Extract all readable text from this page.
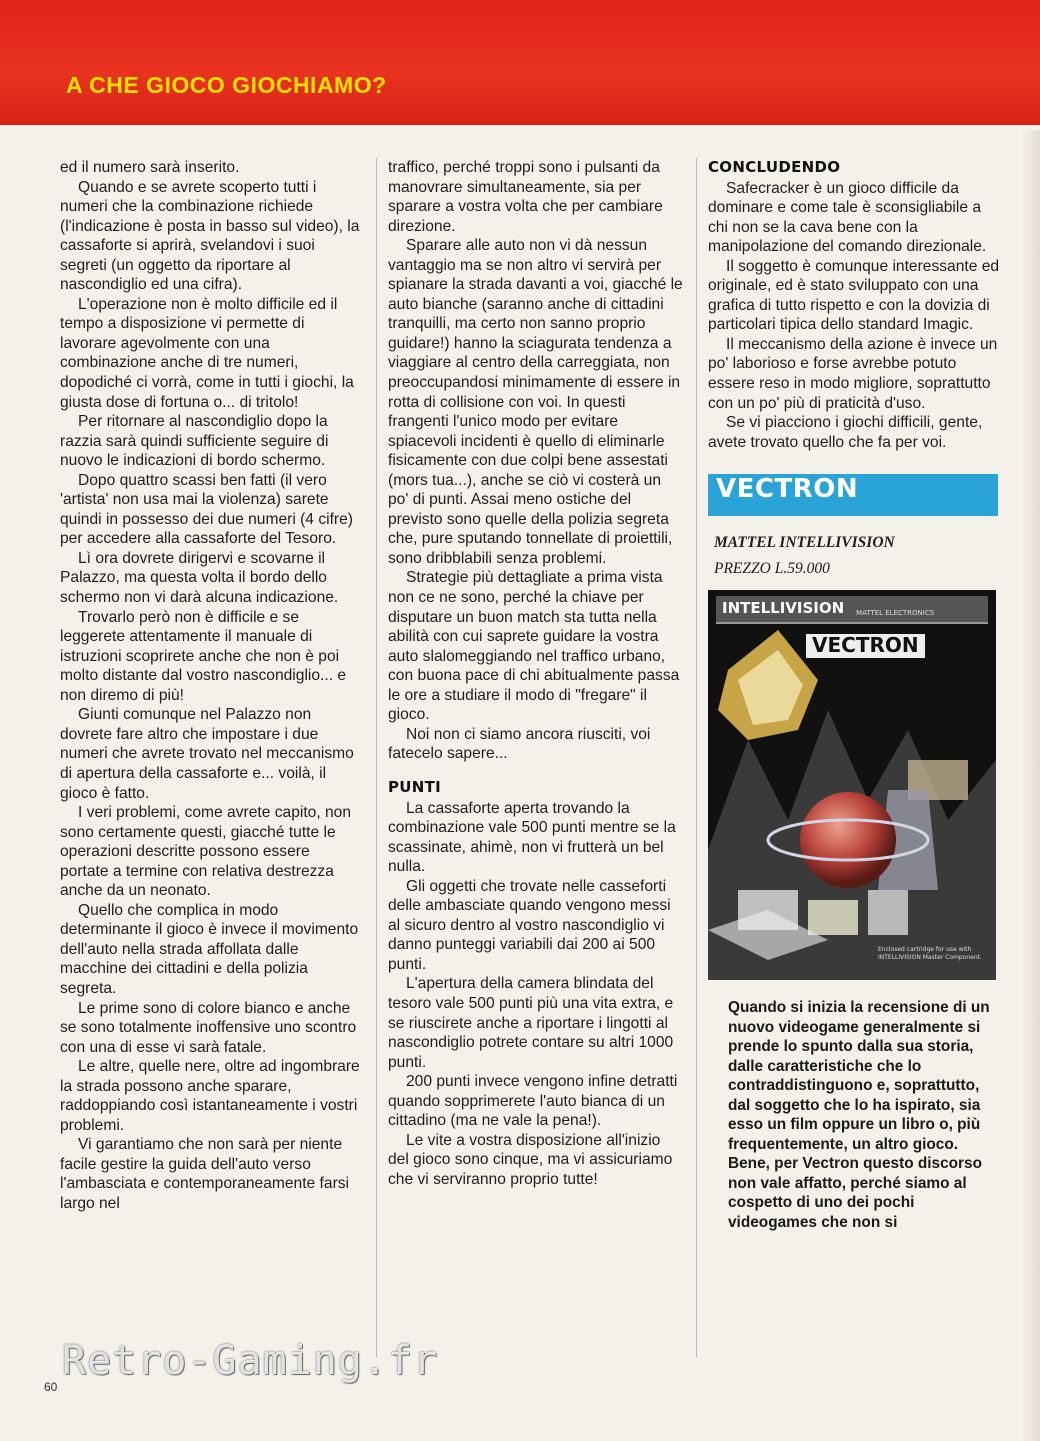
A CHE GIOCO GIOCHIAMO?

ed il numero sarà inserito.

Quando e se avrete scoperto tutti i numeri che la combinazione richiede (l'indicazione è posta in basso sul video), la cassaforte si aprirà, svelandovi i suoi segreti (un oggetto da riportare al nascondiglio ed una cifra).

L'operazione non è molto difficile ed il tempo a disposizione vi permette di lavorare agevolmente con una combinazione anche di tre numeri, dopodiché ci vorrà, come in tutti i giochi, la giusta dose di fortuna o... di tritolo!

Per ritornare al nascondiglio dopo la razzia sarà quindi sufficiente seguire di nuovo le indicazioni di bordo schermo.

Dopo quattro scassi ben fatti (il vero 'artista' non usa mai la violenza) sarete quindi in possesso dei due numeri (4 cifre) per accedere alla cassaforte del Tesoro.

Lì ora dovrete dirigervi e scovarne il Palazzo, ma questa volta il bordo dello schermo non vi darà alcuna indicazione.

Trovarlo però non è difficile e se leggerete attentamente il manuale di istruzioni scoprirete anche che non è poi molto distante dal vostro nascondiglio... e non diremo di più!

Giunti comunque nel Palazzo non dovrete fare altro che impostare i due numeri che avrete trovato nel meccanismo di apertura della cassaforte e... voilà, il gioco è fatto.

I veri problemi, come avrete capito, non sono certamente questi, giacché tutte le operazioni descritte possono essere portate a termine con relativa destrezza anche da un neonato.

Quello che complica in modo determinante il gioco è invece il movimento dell'auto nella strada affollata dalle macchine dei cittadini e della polizia segreta.

Le prime sono di colore bianco e anche se sono totalmente inoffensive uno scontro con una di esse vi sarà fatale.

Le altre, quelle nere, oltre ad ingombrare la strada possono anche sparare, raddoppiando così istantaneamente i vostri problemi.

Vi garantiamo che non sarà per niente facile gestire la guida dell'auto verso l'ambasciata e contemporaneamente farsi largo nel

traffico, perché troppi sono i pulsanti da manovrare simultaneamente, sia per sparare a vostra volta che per cambiare direzione.

Sparare alle auto non vi dà nessun vantaggio ma se non altro vi servirà per spianare la strada davanti a voi, giacché le auto bianche (saranno anche di cittadini tranquilli, ma certo non sanno proprio guidare!) hanno la sciagurata tendenza a viaggiare al centro della carreggiata, non preoccupandosi minimamente di essere in rotta di collisione con voi. In questi frangenti l'unico modo per evitare spiacevoli incidenti è quello di eliminarle fisicamente con due colpi bene assestati (mors tua...), anche se ciò vi costerà un po' di punti. Assai meno ostiche del previsto sono quelle della polizia segreta che, pure sputando tonnellate di proiettili, sono dribblabili senza problemi.

Strategie più dettagliate a prima vista non ce ne sono, perché la chiave per disputare un buon match sta tutta nella abilità con cui saprete guidare la vostra auto slalomeggiando nel traffico urbano, con buona pace di chi abitualmente passa le ore a studiare il modo di "fregare" il gioco.

Noi non ci siamo ancora riusciti, voi fatecelo sapere...

PUNTI

La cassaforte aperta trovando la combinazione vale 500 punti mentre se la scassinate, ahimè, non vi frutterà un bel nulla.

Gli oggetti che trovate nelle casseforti delle ambasciate quando vengono messi al sicuro dentro al vostro nascondiglio vi danno punteggi variabili dai 200 ai 500 punti.

L'apertura della camera blindata del tesoro vale 500 punti più una vita extra, e se riuscirete anche a riportare i lingotti al nascondiglio potrete contare su altri 1000 punti.

200 punti invece vengono infine detratti quando sopprimerete l'auto bianca di un cittadino (ma ne vale la pena!).

Le vite a vostra disposizione all'inizio del gioco sono cinque, ma vi assicuriamo che vi serviranno proprio tutte!

CONCLUDENDO

Safecracker è un gioco difficile da dominare e come tale è sconsigliabile a chi non se la cava bene con la manipolazione del comando direzionale.

Il soggetto è comunque interessante ed originale, ed è stato sviluppato con una grafica di tutto rispetto e con la dovizia di particolari tipica dello standard Imagic.

Il meccanismo della azione è invece un po' laborioso e forse avrebbe potuto essere reso in modo migliore, soprattutto con un po' più di praticità d'uso.

Se vi piacciono i giochi difficili, gente, avete trovato quello che fa per voi.

VECTRON
MATTEL INTELLIVISION
PREZZO L.59.000
INTELLIVISION MATTEL ELECTRONICS
VECTRON
Enclosed cartridge for use with INTELLIVISION Master Component.
Quando si inizia la recensione di un nuovo videogame generalmente si prende lo spunto dalla sua storia, dalle caratteristiche che lo contraddistinguono e, soprattutto, dal soggetto che lo ha ispirato, sia esso un film oppure un libro o, più frequentemente, un altro gioco. Bene, per Vectron questo discorso non vale affatto, perché siamo al cospetto di uno dei pochi videogames che non si
Retro-Gaming.fr
60
